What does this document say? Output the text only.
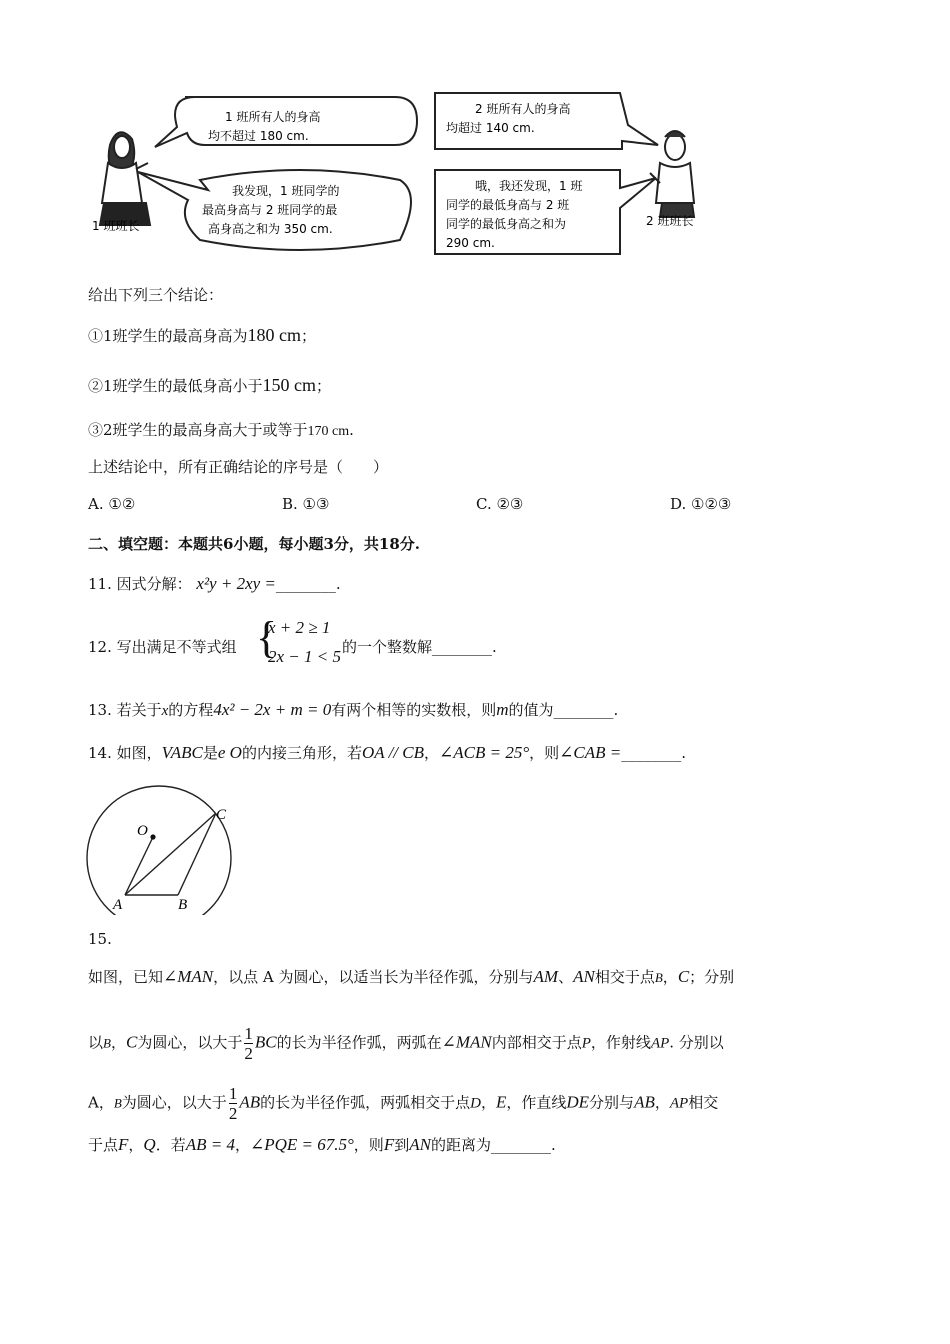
1 班所有人的身高
均不超过 180 cm.
我发现，1 班同学的
最高身高与 2 班同学的最
高身高之和为 350 cm.
2 班所有人的身高
均超过 140 cm.
哦，我还发现，1 班
同学的最低身高与 2 班
同学的最低身高之和为
290 cm.
1 班班长	2 班班长
给出下列三个结论：
①1班学生的最高身高为180 cm；
②1班学生的最低身高小于150 cm；
③2班学生的最高身高大于或等于170 cm.
上述结论中，所有正确结论的序号是（　　）
A. ①②	B. ①③	C. ②③	D. ①②③
二、填空题：本题共6小题，每小题3分，共18分.
11. 因式分解： x²y + 2xy =________.
12. 写出满足不等式组 {
x + 2 ≥ 1
2x − 1 < 5 的一个整数解________.
13. 若关于x的方程4x² − 2x + m = 0有两个相等的实数根，则m的值为________.
14. 如图，VABC是e O的内接三角形，若OA // CB，∠ACB = 25°，则∠CAB =________.
O
A	B
C
15.
如图，已知∠MAN，以点 A 为圆心，以适当长为半径作弧，分别与AM、AN相交于点B，C；分别
以B，C为圆心，以大于 $\frac{1}{2}$ BC的长为半径作弧，两弧在∠MAN内部相交于点P，作射线AP. 分别以
A，B为圆心，以大于 $\frac{1}{2}$ AB的长为半径作弧，两弧相交于点D，E，作直线DE分别与AB，AP相交
于点F，Q．若AB = 4，∠PQE = 67.5°，则F到AN的距离为________.
